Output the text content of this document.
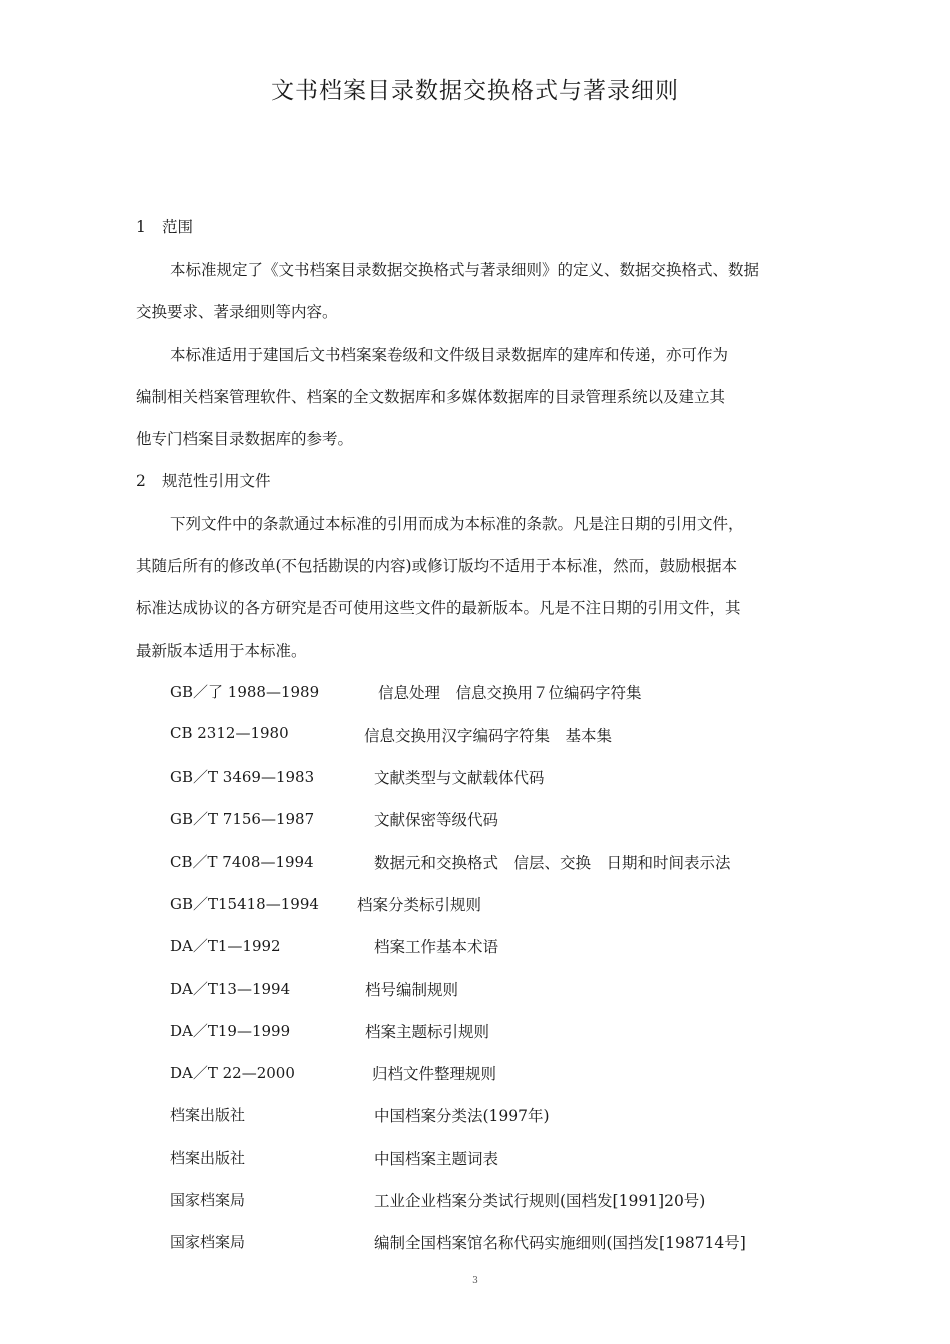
文书档案目录数据交换格式与著录细则
1 范围
本标准规定了《文书档案目录数据交换格式与著录细则》的定义、数据交换格式、数据
交换要求、著录细则等内容。
本标准适用于建国后文书档案案卷级和文件级目录数据库的建库和传递，亦可作为
编制相关档案管理软件、档案的全文数据库和多媒体数据库的目录管理系统以及建立其
他专门档案目录数据库的参考。
2 规范性引用文件
下列文件中的条款通过本标准的引用而成为本标准的条款。凡是注日期的引用文件，
其随后所有的修改单(不包括勘误的内容)或修订版均不适用于本标准，然而，鼓励根据本
标准达成协议的各方研究是否可使用这些文件的最新版本。凡是不注日期的引用文件，其
最新版本适用于本标准。
GB／了 1988—1989	信息处理　信息交换用７位编码字符集
CB 2312—1980	信息交换用汉字编码字符集　基本集
GB／T 3469—1983	文献类型与文献载体代码
GB／T 7156—1987	文献保密等级代码
CB／T 7408—1994	数据元和交换格式　信层、交换　日期和时间表示法
GB／T15418—1994 档案分类标引规则
DA／T1—1992	档案工作基本术语
DA／T13—1994	档号编制规则
DA／T19—1999	档案主题标引规则
DA／T 22—2000	归档文件整理规则
档案出版社	中国档案分类法(1997年)
档案出版社	中国档案主题词表
国家档案局	工业企业档案分类试行规则(国档发[1991]20号)
国家档案局	编制全国档案馆名称代码实施细则(国挡发[198714号]
3
